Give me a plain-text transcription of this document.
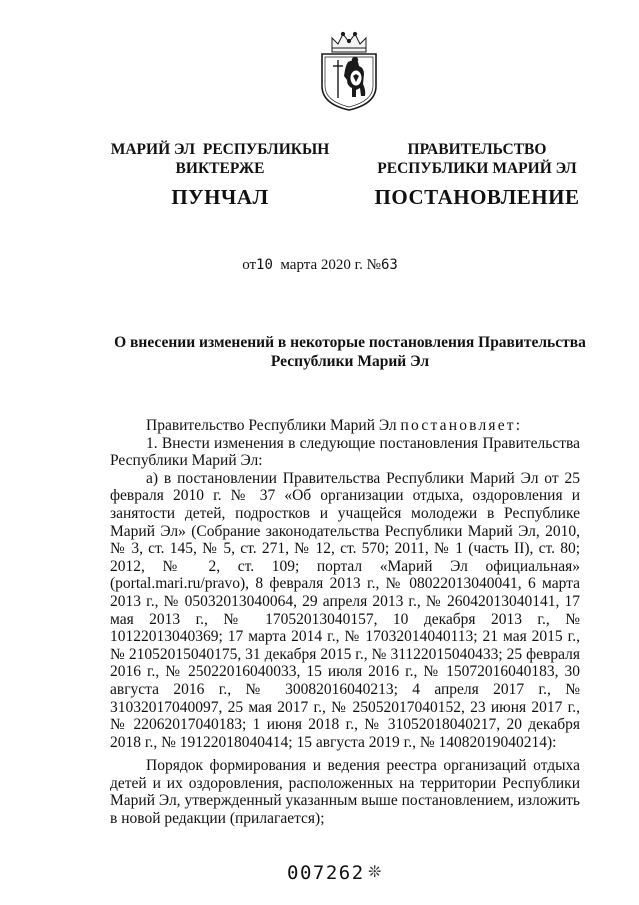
МАРИЙ ЭЛ  РЕСПУБЛИКЫН
ВИКТЕРЖЕ
ПУНЧАЛ
ПРАВИТЕЛЬСТВО
РЕСПУБЛИКИ МАРИЙ ЭЛ
ПОСТАНОВЛЕНИЕ
от10  марта 2020 г. №63
О внесении изменений в некоторые постановления Правительства
Республики Марий Эл

Правительство Республики Марий Эл постановляет:

1. Внести изменения в следующие постановления Правительства Республики Марий Эл:

а) в постановлении Правительства Республики Марий Эл от 25 февраля 2010 г. № 37 «Об организации отдыха, оздоровления и занятости детей, подростков и учащейся молодежи в Республике Марий Эл» (Собрание законодательства Республики Марий Эл, 2010, № 3, ст. 145, № 5, ст. 271, № 12, ст. 570; 2011, № 1 (часть II), ст. 80; 2012, № 2, ст. 109; портал «Марий Эл официальная» (portal.mari.ru/pravo), 8 февраля 2013 г., № 08022013040041, 6 марта 2013 г., № 05032013040064, 29 апреля 2013 г., № 26042013040141, 17 мая 2013 г., № 17052013040157, 10 декабря 2013 г., № 10122013040369; 17 марта 2014 г., № 17032014040113; 21 мая 2015 г., № 21052015040175, 31 декабря 2015 г., № 31122015040433; 25 февраля 2016 г., № 25022016040033, 15 июля 2016 г., № 15072016040183, 30 августа 2016 г., № 30082016040213; 4 апреля 2017 г., № 31032017040097, 25 мая 2017 г., № 25052017040152, 23 июня 2017 г., № 22062017040183; 1 июня 2018 г., № 31052018040217, 20 декабря 2018 г., № 19122018040414; 15 августа 2019 г., № 14082019040214):

Порядок формирования и ведения реестра организаций отдыха детей и их оздоровления, расположенных на территории Республики Марий Эл, утвержденный указанным выше постановлением, изложить в новой редакции (прилагается);

007262 ❊
